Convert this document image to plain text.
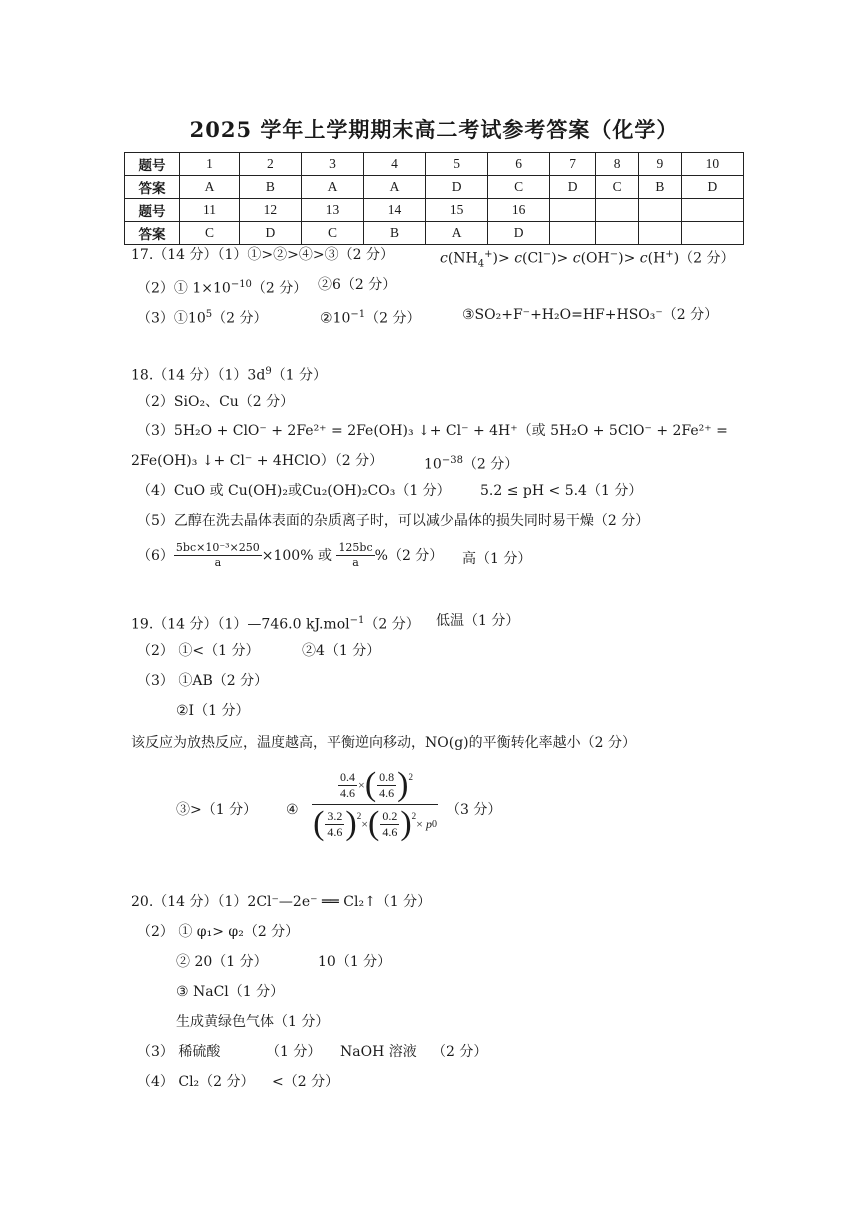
2025 学年上学期期末高二考试参考答案（化学）
题号	1	2	3	4	5	6	7	8	9	10
答案	A	B	A	A	D	C	D	C	B	D
题号	11	12	13	14	15	16				
答案	C	D	C	B	A	D				
17.（14 分）（1）①>②>④>③（2 分）	$c(NH_4^+)> c(Cl^-)> c(OH^-)> c(H^+)(2$ 分）
（2）① $1\times 10^{-10}(2$ 分） ②6（2 分）
$(3)①10^5(2$ 分）	$②10^{-1}(2$ 分）	③SO₂+F⁻+H₂O=HF+HSO₃⁻（2 分）
18.（14 分）$(1)3d^9(1$ 分）
（2）SiO₂、Cu（2 分）
（3）5H₂O + ClO⁻ + 2Fe²⁺ = 2Fe(OH)₃ ↓+ Cl⁻ + 4H⁺（或 5H₂O + 5ClO⁻ + 2Fe²⁺ =
2Fe(OH)₃ ↓+ Cl⁻ + 4HClO）（2 分）	$10^{-38}(2$ 分）
（4）CuO 或 Cu(OH)₂或Cu₂(OH)₂CO₃（1 分） 5.2 ≤ pH < 5.4（1 分）
（5）乙醇在洗去晶体表面的杂质离子时，可以减少晶体的损失同时易干燥（2 分）
$(6) \frac{\text{5bc×10⁻³×250}}{a} \times 100\%$ 或
$\frac{125bc}{a} \%(2$ 分） 高（1 分）
19.（14 分）（1）—746.0 kJ.mol$^{-1}$（2 分） 低温（1 分）
（2） ①<（1 分）	②4（1 分）
（3） ①AB（2 分）
②I（1 分）
该反应为放热反应，温度越高，平衡逆向移动，NO(g)的平衡转化率越小（2 分）
③>（1 分） ④
$\frac{0.4}{4.6}$ × ( 0.8
4.6 ) 2
( 3.2
4.6 ) 2
× ( 0.2
4.6 ) 2
×
p 0
（3 分）
20.（14 分）（1）2Cl⁻—2e⁻ ══ Cl₂↑（1 分）
（2） ① φ₁> φ₂（2 分）
② 20（1 分）	10（1 分）
③ NaCl（1 分）
生成黄绿色气体（1 分）
（3） 稀硫酸	（1 分） NaOH 溶液 （2 分）
（4） Cl₂（2 分） <（2 分）
